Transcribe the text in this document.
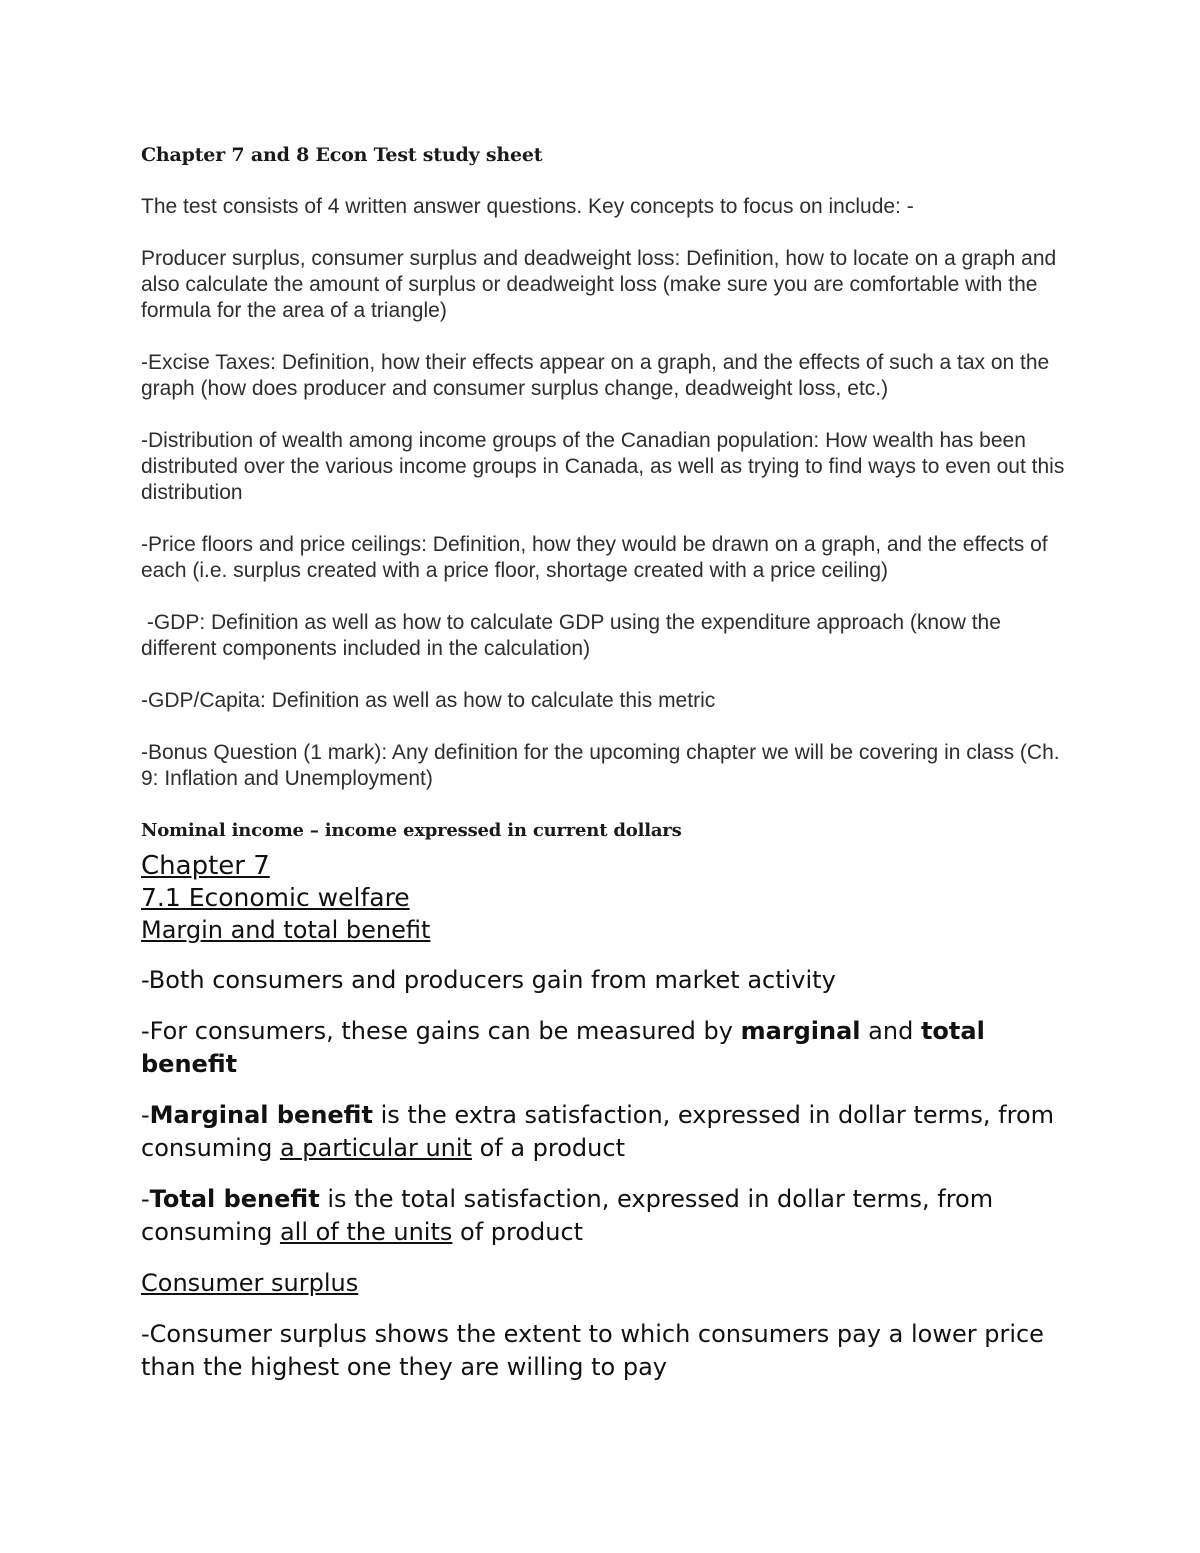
Chapter 7 and 8 Econ Test study sheet

The test consists of 4 written answer questions. Key concepts to focus on include: -

Producer surplus, consumer surplus and deadweight loss: Definition, how to locate on a graph and also calculate the amount of surplus or deadweight loss (make sure you are comfortable with the formula for the area of a triangle)

-Excise Taxes: Definition, how their effects appear on a graph, and the effects of such a tax on the graph (how does producer and consumer surplus change, deadweight loss, etc.)

-Distribution of wealth among income groups of the Canadian population: How wealth has been distributed over the various income groups in Canada, as well as trying to find ways to even out this distribution

-Price floors and price ceilings: Definition, how they would be drawn on a graph, and the effects of each (i.e. surplus created with a price floor, shortage created with a price ceiling)

-GDP: Definition as well as how to calculate GDP using the expenditure approach (know the different components included in the calculation)

-GDP/Capita: Definition as well as how to calculate this metric

-Bonus Question (1 mark): Any definition for the upcoming chapter we will be covering in class (Ch. 9: Inflation and Unemployment)

Nominal income – income expressed in current dollars

Chapter 7

7.1 Economic welfare

Margin and total benefit

-Both consumers and producers gain from market activity

-For consumers, these gains can be measured by marginal and total benefit

-Marginal benefit is the extra satisfaction, expressed in dollar terms, from consuming a particular unit of a product

-Total benefit is the total satisfaction, expressed in dollar terms, from consuming all of the units of product

Consumer surplus

-Consumer surplus shows the extent to which consumers pay a lower price than the highest one they are willing to pay
